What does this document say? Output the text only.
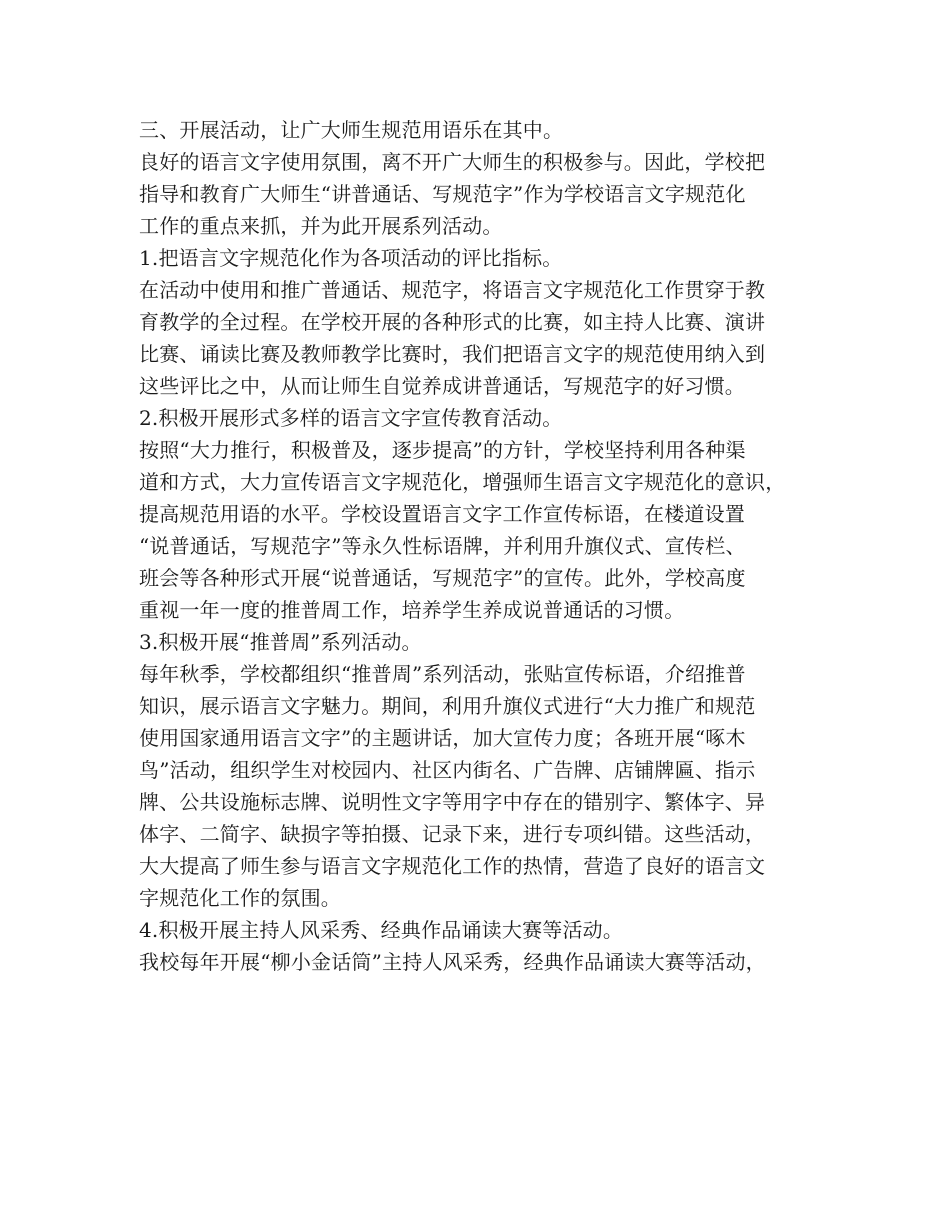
三、开展活动，让广大师生规范用语乐在其中。
良好的语言文字使用氛围，离不开广大师生的积极参与。因此，学校把
指导和教育广大师生“讲普通话、写规范字”作为学校语言文字规范化
工作的重点来抓，并为此开展系列活动。
1.把语言文字规范化作为各项活动的评比指标。
在活动中使用和推广普通话、规范字，将语言文字规范化工作贯穿于教
育教学的全过程。在学校开展的各种形式的比赛，如主持人比赛、演讲
比赛、诵读比赛及教师教学比赛时，我们把语言文字的规范使用纳入到
这些评比之中，从而让师生自觉养成讲普通话，写规范字的好习惯。
2.积极开展形式多样的语言文字宣传教育活动。
按照“大力推行，积极普及，逐步提高”的方针，学校坚持利用各种渠
道和方式，大力宣传语言文字规范化，增强师生语言文字规范化的意识，
提高规范用语的水平。学校设置语言文字工作宣传标语，在楼道设置
“说普通话，写规范字”等永久性标语牌，并利用升旗仪式、宣传栏、
班会等各种形式开展“说普通话，写规范字”的宣传。此外，学校高度
重视一年一度的推普周工作，培养学生养成说普通话的习惯。
3.积极开展“推普周”系列活动。
每年秋季，学校都组织“推普周”系列活动，张贴宣传标语，介绍推普
知识，展示语言文字魅力。期间，利用升旗仪式进行“大力推广和规范
使用国家通用语言文字”的主题讲话，加大宣传力度；各班开展“啄木
鸟”活动，组织学生对校园内、社区内街名、广告牌、店铺牌匾、指示
牌、公共设施标志牌、说明性文字等用字中存在的错别字、繁体字、异
体字、二简字、缺损字等拍摄、记录下来，进行专项纠错。这些活动，
大大提高了师生参与语言文字规范化工作的热情，营造了良好的语言文
字规范化工作的氛围。
4.积极开展主持人风采秀、经典作品诵读大赛等活动。
我校每年开展“柳小金话筒”主持人风采秀，经典作品诵读大赛等活动，
